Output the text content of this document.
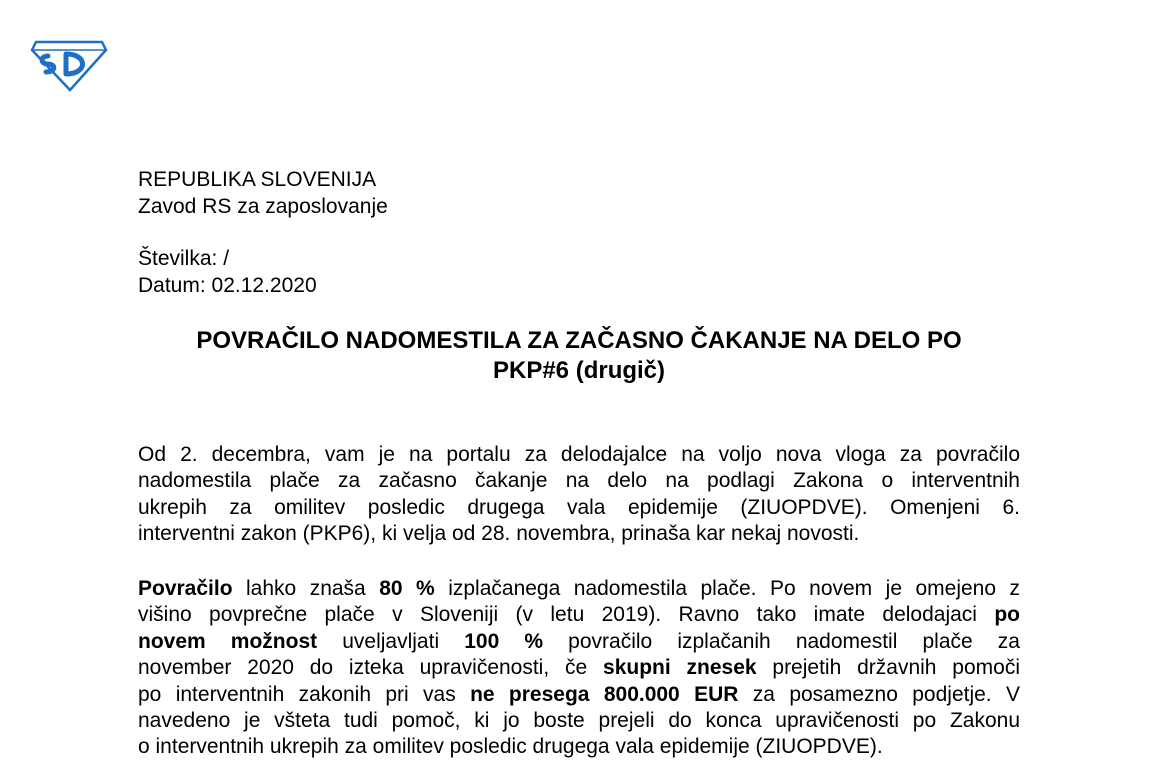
REPUBLIKA SLOVENIJA
Zavod RS za zaposlovanje
Številka: /
Datum: 02.12.2020
POVRAČILO NADOMESTILA ZA ZAČASNO ČAKANJE NA DELO PO
PKP#6 (drugič)
Od 2. decembra, vam je na portalu za delodajalce na voljo nova vloga za povračilo
nadomestila plače za začasno čakanje na delo na podlagi Zakona o interventnih
ukrepih za omilitev posledic drugega vala epidemije (ZIUOPDVE). Omenjeni 6.
interventni zakon (PKP6), ki velja od 28. novembra, prinaša kar nekaj novosti.
Povračilo lahko znaša 80 % izplačanega nadomestila plače. Po novem je omejeno z
višino povprečne plače v Sloveniji (v letu 2019). Ravno tako imate delodajaci po
novem možnost uveljavljati 100 % povračilo izplačanih nadomestil plače za
november 2020 do izteka upravičenosti, če skupni znesek prejetih državnih pomoči
po interventnih zakonih pri vas ne presega 800.000 EUR za posamezno podjetje. V
navedeno je všteta tudi pomoč, ki jo boste prejeli do konca upravičenosti po Zakonu
o interventnih ukrepih za omilitev posledic drugega vala epidemije (ZIUOPDVE).
